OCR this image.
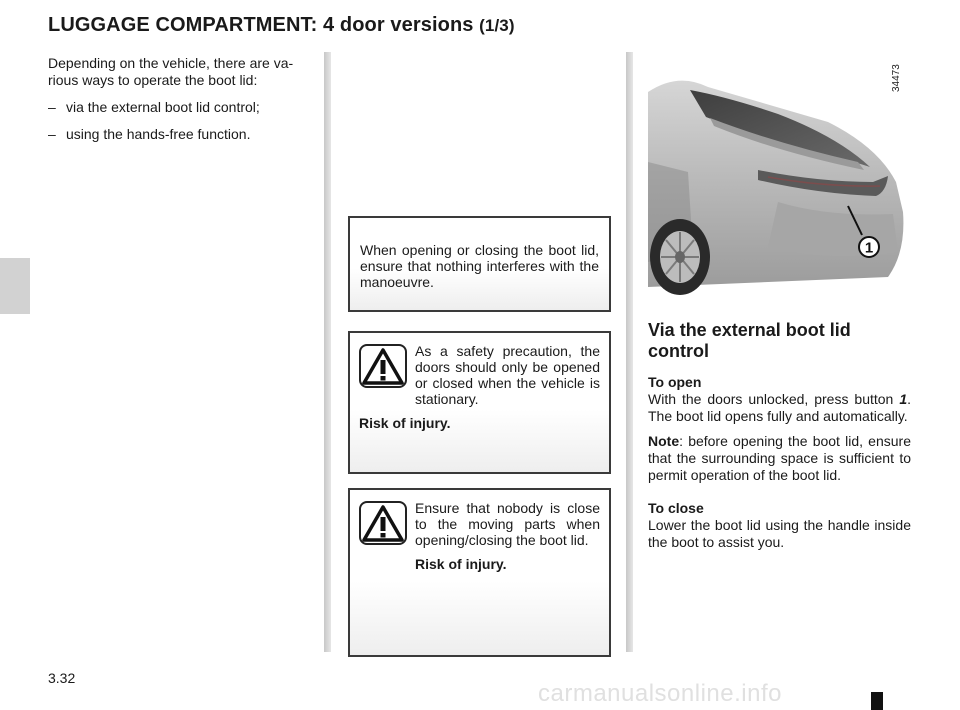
LUGGAGE COMPARTMENT: 4 door versions (1/3)

Depending on the vehicle, there are va-rious ways to operate the boot lid:

– via the external boot lid control;
– using the hands-free function.

When opening or closing the boot lid, ensure that nothing interferes with the manoeuvre.

As a safety precaution, the doors should only be opened or closed when the vehicle is stationary.

Risk of injury.

Ensure that nobody is close to the moving parts when opening/closing the boot lid.

Risk of injury.

1
34473
Via the external boot lid control

To open

With the doors unlocked, press button 1. The boot lid opens fully and automatically.

Note: before opening the boot lid, ensure that the surrounding space is sufficient to permit operation of the boot lid.

To close

Lower the boot lid using the handle inside the boot to assist you.

3.32
carmanualsonline.info
